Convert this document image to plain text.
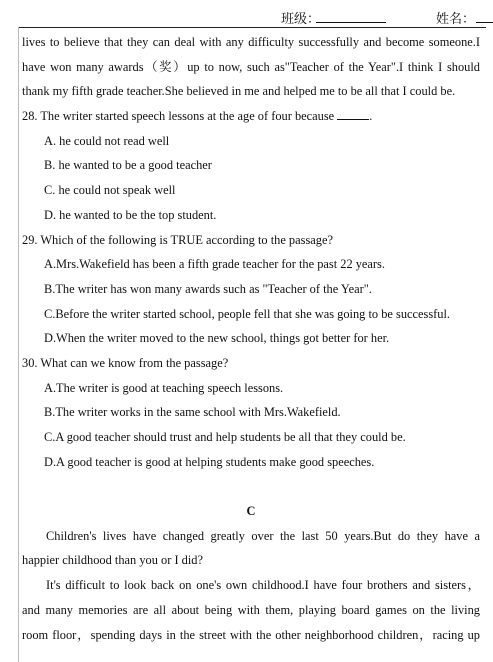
班级：	姓名：
lives to believe that they can deal with any difficulty successfully and become someone.I
have won many awards（奖）up to now, such as"Teacher of the Year".I think I should
thank my fifth grade teacher.She believed in me and helped me to be all that I could be.
28. The writer started speech lessons at the age of four because	.
A. he could not read well
B. he wanted to be a good teacher
C. he could not speak well
D. he wanted to be the top student.
29. Which of the following is TRUE according to the passage?
A.Mrs.Wakefield has been a fifth grade teacher for the past 22 years.
B.The writer has won many awards such as "Teacher of the Year".
C.Before the writer started school, people fell that she was going to be successful.
D.When the writer moved to the new school, things got better for her.
30. What can we know from the passage?
A.The writer is good at teaching speech lessons.
B.The writer works in the same school with Mrs.Wakefield.
C.A good teacher should trust and help students be all that they could be.
D.A good teacher is good at helping students make good speeches.
C
Children's lives have changed greatly over the last 50 years.But do they have a
happier childhood than you or I did?
It's difficult to look back on one's own childhood.I have four brothers and sisters，
and many memories are all about being with them, playing board games on the living
room floor，spending days in the street with the other neighborhood children，racing up
